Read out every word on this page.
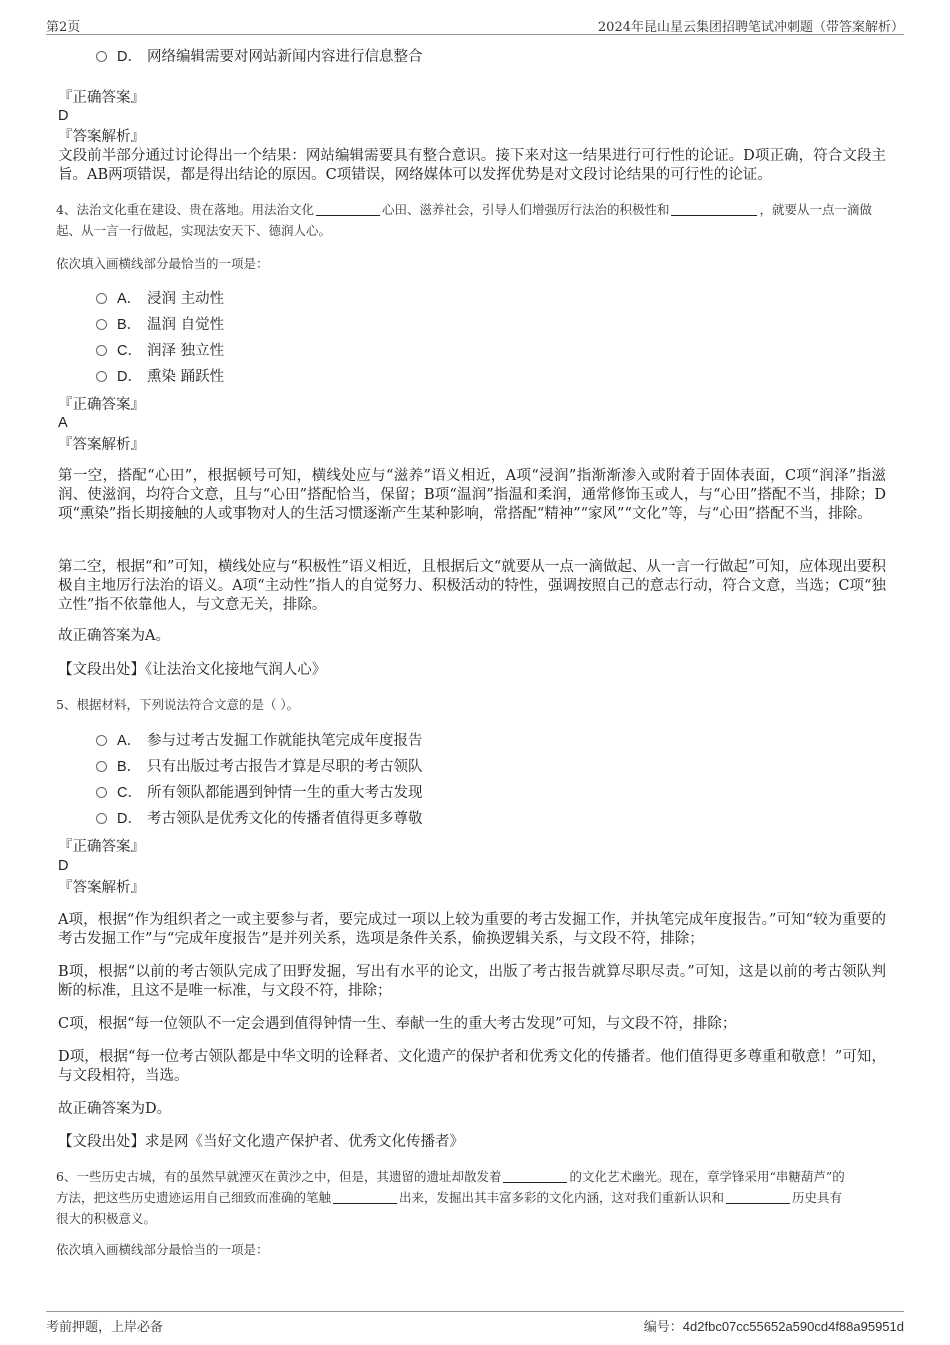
第2页	2024年昆山星云集团招聘笔试冲刺题（带答案解析）
D． 网络编辑需要对网站新闻内容进行信息整合
『正确答案』
D
『答案解析』
文段前半部分通过讨论得出一个结果：网站编辑需要具有整合意识。接下来对这一结果进行可行性的论证。D项正确，符合文段主旨。AB两项错误，都是得出结论的原因。C项错误，网络媒体可以发挥优势是对文段讨论结果的可行性的论证。
4、法治文化重在建设、贵在落地。用法治文化	心田、滋养社会，引导人们增强厉行法治的积极性和	，就要从一点一滴做起、从一言一行做起，实现法安天下、德润人心。
依次填入画横线部分最恰当的一项是：
A． 浸润 主动性
B． 温润 自觉性
C． 润泽 独立性
D． 熏染 踊跃性
『正确答案』
A
『答案解析』
第一空，搭配“心田”，根据顿号可知，横线处应与“滋养”语义相近，A项“浸润”指渐渐渗入或附着于固体表面，C项“润泽”指滋润、使滋润，均符合文意，且与“心田”搭配恰当，保留；B项“温润”指温和柔润，通常修饰玉或人，与“心田”搭配不当，排除；D项“熏染”指长期接触的人或事物对人的生活习惯逐渐产生某种影响，常搭配“精神”“家风”“文化”等，与“心田”搭配不当，排除。
第二空，根据“和”可知，横线处应与“积极性”语义相近，且根据后文“就要从一点一滴做起、从一言一行做起”可知，应体现出要积极自主地厉行法治的语义。A项“主动性”指人的自觉努力、积极活动的特性，强调按照自己的意志行动，符合文意，当选；C项“独立性”指不依靠他人，与文意无关，排除。
故正确答案为A。
【文段出处】《让法治文化接地气润人心》
5、根据材料，下列说法符合文意的是（ ）。
A． 参与过考古发掘工作就能执笔完成年度报告
B． 只有出版过考古报告才算是尽职的考古领队
C． 所有领队都能遇到钟情一生的重大考古发现
D． 考古领队是优秀文化的传播者值得更多尊敬
『正确答案』
D
『答案解析』
A项，根据“作为组织者之一或主要参与者，要完成过一项以上较为重要的考古发掘工作，并执笔完成年度报告。”可知“较为重要的考古发掘工作”与“完成年度报告”是并列关系，选项是条件关系，偷换逻辑关系，与文段不符，排除；
B项，根据“以前的考古领队完成了田野发掘，写出有水平的论文，出版了考古报告就算尽职尽责。”可知，这是以前的考古领队判断的标准，且这不是唯一标准，与文段不符，排除；
C项，根据“每一位领队不一定会遇到值得钟情一生、奉献一生的重大考古发现”可知，与文段不符，排除；
D项，根据“每一位考古领队都是中华文明的诠释者、文化遗产的保护者和优秀文化的传播者。他们值得更多尊重和敬意！”可知，与文段相符，当选。
故正确答案为D。
【文段出处】求是网《当好文化遗产保护者、优秀文化传播者》
6、一些历史古城，有的虽然早就湮灭在黄沙之中，但是，其遗留的遗址却散发着	的文化艺术幽光。现在，章学锋采用“串糖葫芦”的
方法，把这些历史遗迹运用自己细致而准确的笔触	出来，发掘出其丰富多彩的文化内涵，这对我们重新认识和	历史具有
很大的积极意义。
依次填入画横线部分最恰当的一项是：
考前押题，上岸必备	编号：4d2fbc07cc55652a590cd4f88a95951d
